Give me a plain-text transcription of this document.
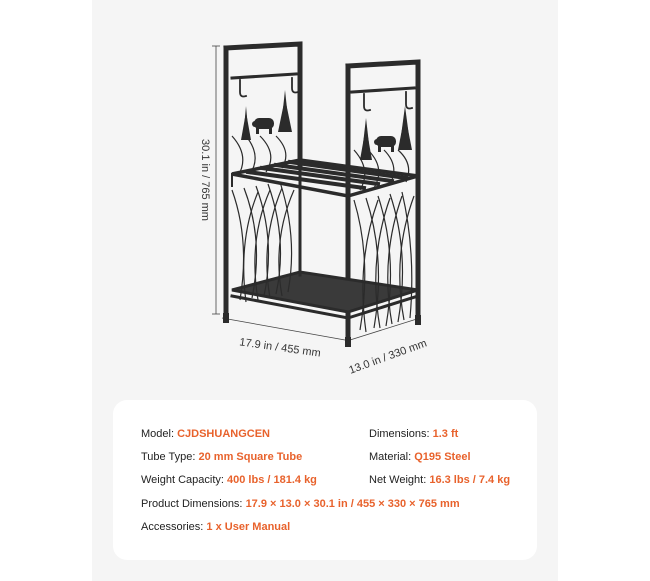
30.1 in / 765 mm
17.9 in / 455 mm 13.0 in / 330 mm
Model: CJDSHUANGCEN	Dimensions: 1.3 ft
Tube Type: 20 mm Square Tube	Material: Q195 Steel
Weight Capacity: 400 lbs / 181.4 kg	Net Weight: 16.3 lbs / 7.4 kg
Product Dimensions: 17.9 × 13.0 × 30.1 in / 455 × 330 × 765 mm
Accessories: 1 x User Manual
